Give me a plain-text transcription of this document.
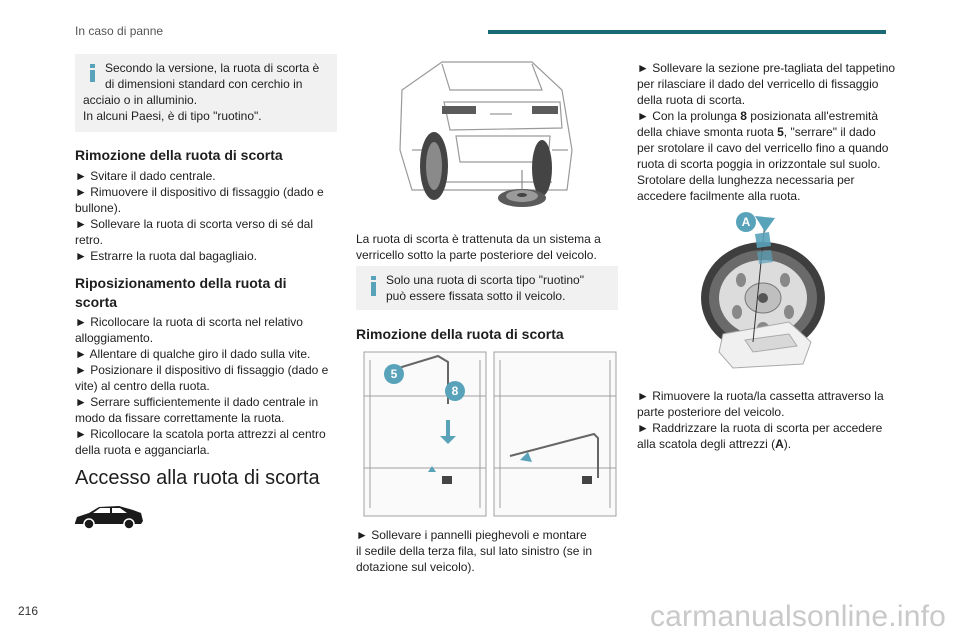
In caso di panne

Secondo la versione, la ruota di scorta è

di dimensioni standard con cerchio in

acciaio o in alluminio.

In alcuni Paesi, è di tipo "ruotino".

Rimozione della ruota di scorta
► Svitare il dado centrale.
► Rimuovere il dispositivo di fissaggio (dado e
bullone).
► Sollevare la ruota di scorta verso di sé dal
retro.
► Estrarre la ruota dal bagagliaio.
Riposizionamento della ruota di
scorta
► Ricollocare la ruota di scorta nel relativo
alloggiamento.
► Allentare di qualche giro il dado sulla vite.
► Posizionare il dispositivo di fissaggio (dado e
vite) al centro della ruota.
► Serrare sufficientemente il dado centrale in
modo da fissare correttamente la ruota.
► Ricollocare la scatola porta attrezzi al centro
della ruota e agganciarla.
Accesso alla ruota di scorta
La ruota di scorta è trattenuta da un sistema a
verricello sotto la parte posteriore del veicolo.

Solo una ruota di scorta tipo "ruotino"

può essere fissata sotto il veicolo.

Rimozione della ruota di scorta
5
8
► Sollevare i pannelli pieghevoli e montare
il sedile della terza fila, sul lato sinistro (se in
dotazione sul veicolo).
► Sollevare la sezione pre-tagliata del tappetino
per rilasciare il dado del verricello di fissaggio
della ruota di scorta.
► Con la prolunga 8 posizionata all'estremità
della chiave smonta ruota 5, "serrare" il dado
per srotolare il cavo del verricello fino a quando
ruota di scorta poggia in orizzontale sul suolo.
Srotolare della lunghezza necessaria per
accedere facilmente alla ruota.
A
► Rimuovere la ruota/la cassetta attraverso la
parte posteriore del veicolo.
► Raddrizzare la ruota di scorta per accedere
alla scatola degli attrezzi (A).
216	carmanualsonline.info
